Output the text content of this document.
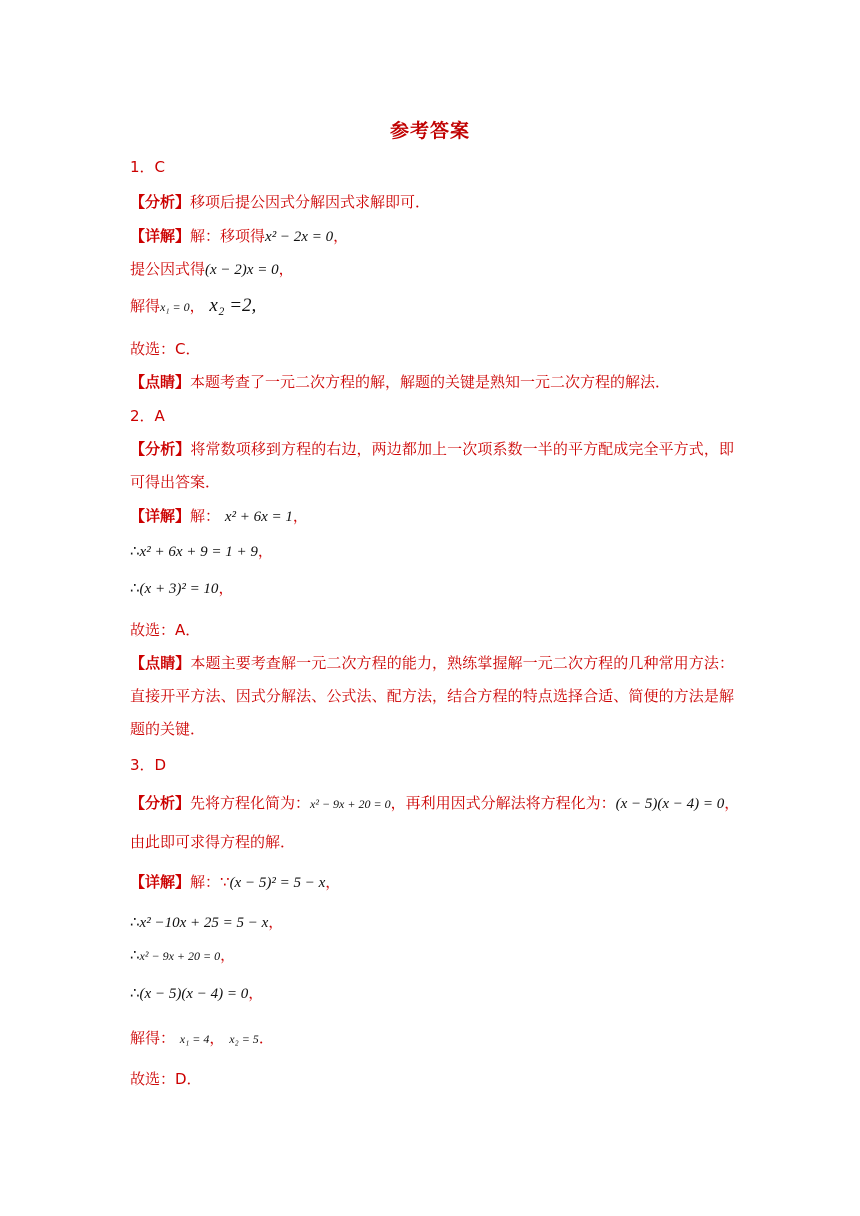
参考答案
1．C
【分析】移项后提公因式分解因式求解即可．
【详解】解：移项得x² − 2x = 0，
提公因式得(x − 2)x = 0，
解得x₁ = 0， x₂ =2,
故选：C．
【点睛】本题考查了一元二次方程的解，解题的关键是熟知一元二次方程的解法．
2．A
【分析】将常数项移到方程的右边，两边都加上一次项系数一半的平方配成完全平方式，即可得出答案．
【详解】解： x² + 6x = 1，
∴x² + 6x + 9 = 1 + 9，
∴(x + 3)² = 10，
故选：A．
【点睛】本题主要考查解一元二次方程的能力，熟练掌握解一元二次方程的几种常用方法：直接开平方法、因式分解法、公式法、配方法，结合方程的特点选择合适、简便的方法是解题的关键．
3．D
【分析】先将方程化简为：x² − 9x + 20 = 0，再利用因式分解法将方程化为：(x − 5)(x − 4) = 0，
由此即可求得方程的解．
【详解】解：∵(x − 5)² = 5 − x，
∴x² −10x + 25 = 5 − x，
∴x² − 9x + 20 = 0，
∴(x − 5)(x − 4) = 0，
解得： x₁ = 4， x₂ = 5．
故选：D．
